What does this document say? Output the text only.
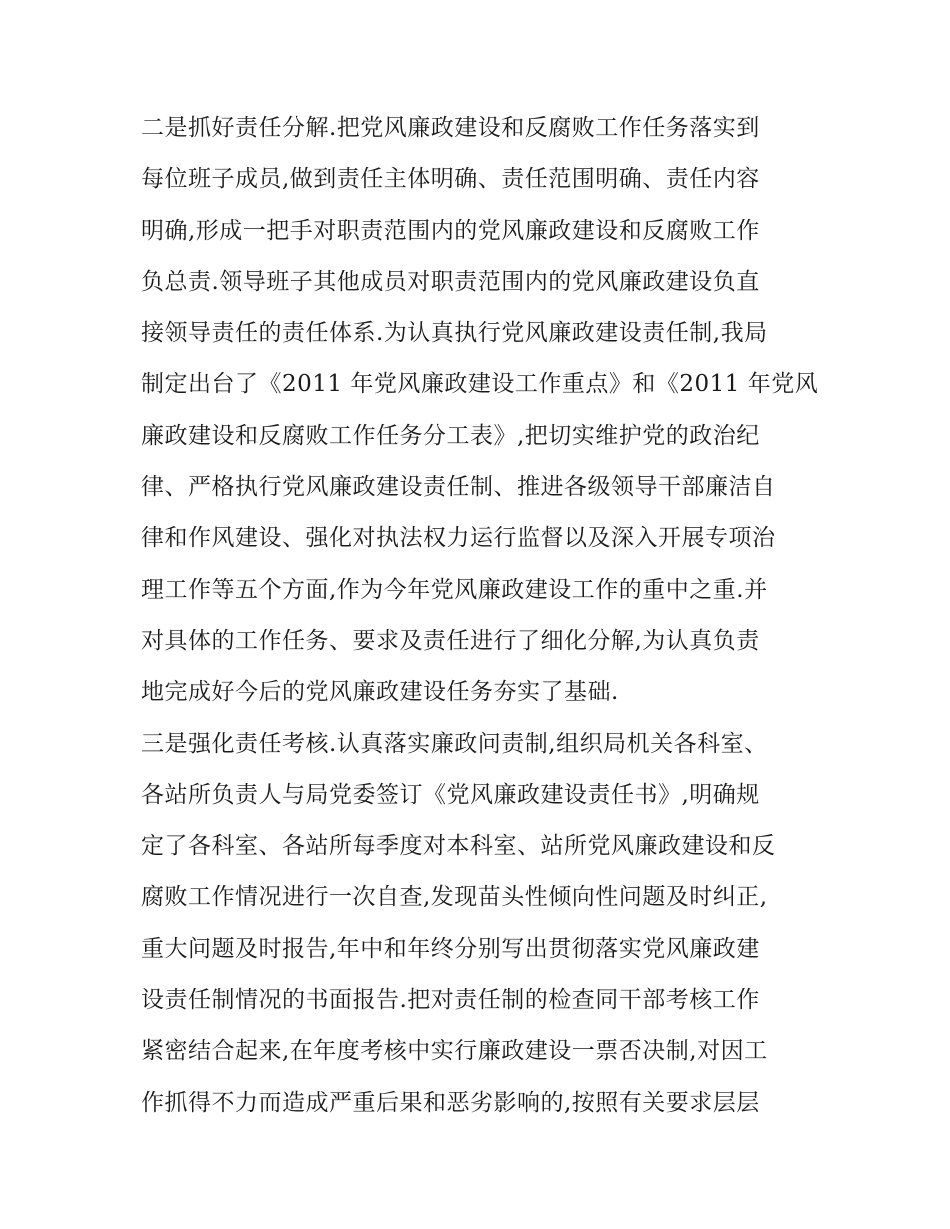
二是抓好责任分解.把党风廉政建设和反腐败工作任务落实到
每位班子成员,做到责任主体明确、责任范围明确、责任内容
明确,形成一把手对职责范围内的党风廉政建设和反腐败工作
负总责.领导班子其他成员对职责范围内的党风廉政建设负直
接领导责任的责任体系.为认真执行党风廉政建设责任制,我局
制定出台了《2011 年党风廉政建设工作重点》和《2011 年党风
廉政建设和反腐败工作任务分工表》,把切实维护党的政治纪
律、严格执行党风廉政建设责任制、推进各级领导干部廉洁自
律和作风建设、强化对执法权力运行监督以及深入开展专项治
理工作等五个方面,作为今年党风廉政建设工作的重中之重.并
对具体的工作任务、要求及责任进行了细化分解,为认真负责
地完成好今后的党风廉政建设任务夯实了基础.
三是强化责任考核.认真落实廉政问责制,组织局机关各科室、
各站所负责人与局党委签订《党风廉政建设责任书》,明确规
定了各科室、各站所每季度对本科室、站所党风廉政建设和反
腐败工作情况进行一次自查,发现苗头性倾向性问题及时纠正,
重大问题及时报告,年中和年终分别写出贯彻落实党风廉政建
设责任制情况的书面报告.把对责任制的检查同干部考核工作
紧密结合起来,在年度考核中实行廉政建设一票否决制,对因工
作抓得不力而造成严重后果和恶劣影响的,按照有关要求层层
